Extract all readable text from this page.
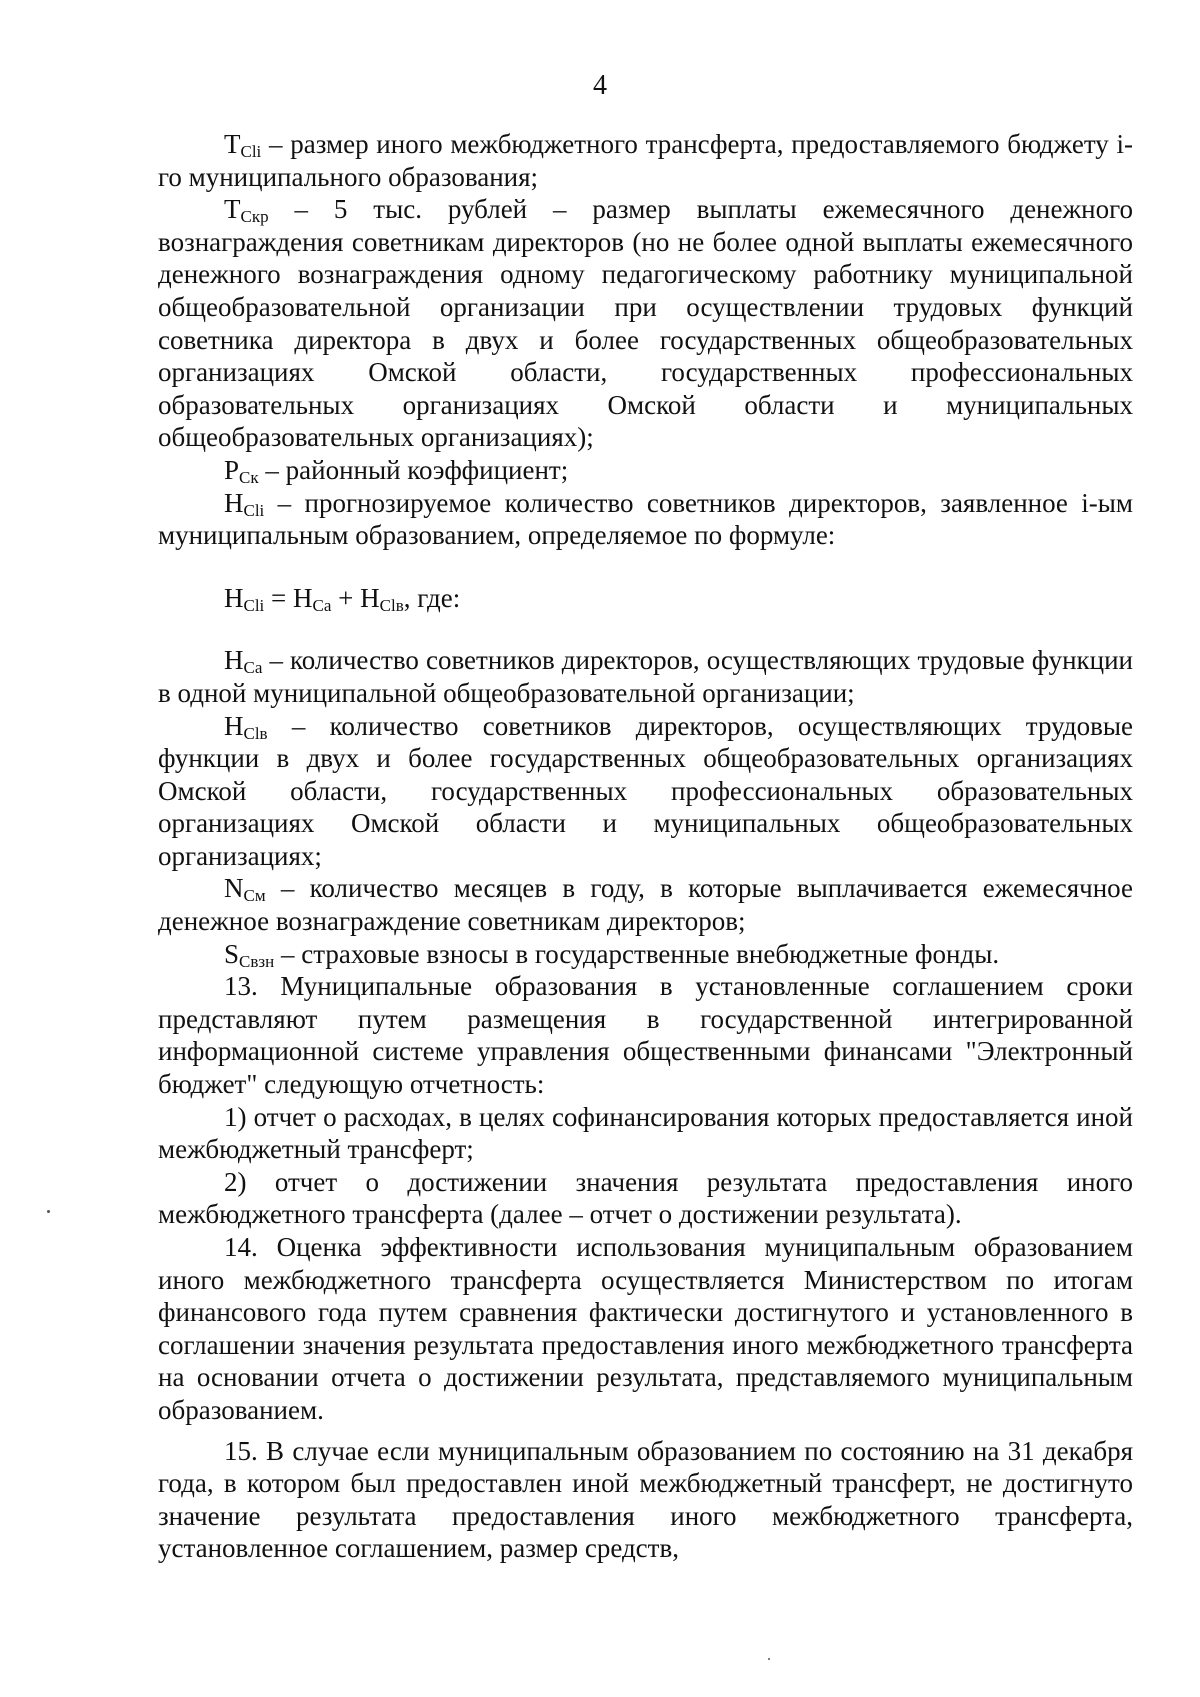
4

$T_{Cli}$ – размер иного межбюджетного трансферта, предоставляемого бюджету i-го муниципального образования;

$T_{Скр} - 5$ тыс. рублей – размер выплаты ежемесячного денежного вознаграждения советникам директоров (но не более одной выплаты ежемесячного денежного вознаграждения одному педагогическому работнику муниципальной общеобразовательной организации при осуществлении трудовых функций советника директора в двух и более государственных общеобразовательных организациях Омской области, государственных профессиональных образовательных организациях Омской области и муниципальных общеобразовательных организациях);

$Р_{Ск}$ – районный коэффициент;

$Н_{Cli}$ – прогнозируемое количество советников директоров, заявленное i-ым муниципальным образованием, определяемое по формуле:

$Н_{Cli} = Н_{Ca} + Н_{Clв}$, где:

$Н_{Са}$ – количество советников директоров, осуществляющих трудовые функции в одной муниципальной общеобразовательной организации;

$Н_{Clв}$ – количество советников директоров, осуществляющих трудовые функции в двух и более государственных общеобразовательных организациях Омской области, государственных профессиональных образовательных организациях Омской области и муниципальных общеобразовательных организациях;

$N_{См}$ – количество месяцев в году, в которые выплачивается ежемесячное денежное вознаграждение советникам директоров;

$S_{Свзн}$ – страховые взносы в государственные внебюджетные фонды.

13. Муниципальные образования в установленные соглашением сроки представляют путем размещения в государственной интегрированной информационной системе управления общественными финансами "Электронный бюджет" следующую отчетность:

1) отчет о расходах, в целях софинансирования которых предоставляется иной межбюджетный трансферт;

2) отчет о достижении значения результата предоставления иного межбюджетного трансферта (далее – отчет о достижении результата).

14. Оценка эффективности использования муниципальным образованием иного межбюджетного трансферта осуществляется Министерством по итогам финансового года путем сравнения фактически достигнутого и установленного в соглашении значения результата предоставления иного межбюджетного трансферта на основании отчета о достижении результата, представляемого муниципальным образованием.

15. В случае если муниципальным образованием по состоянию на 31 декабря года, в котором был предоставлен иной межбюджетный трансферт, не достигнуто значение результата предоставления иного межбюджетного трансферта, установленное соглашением, размер средств,
